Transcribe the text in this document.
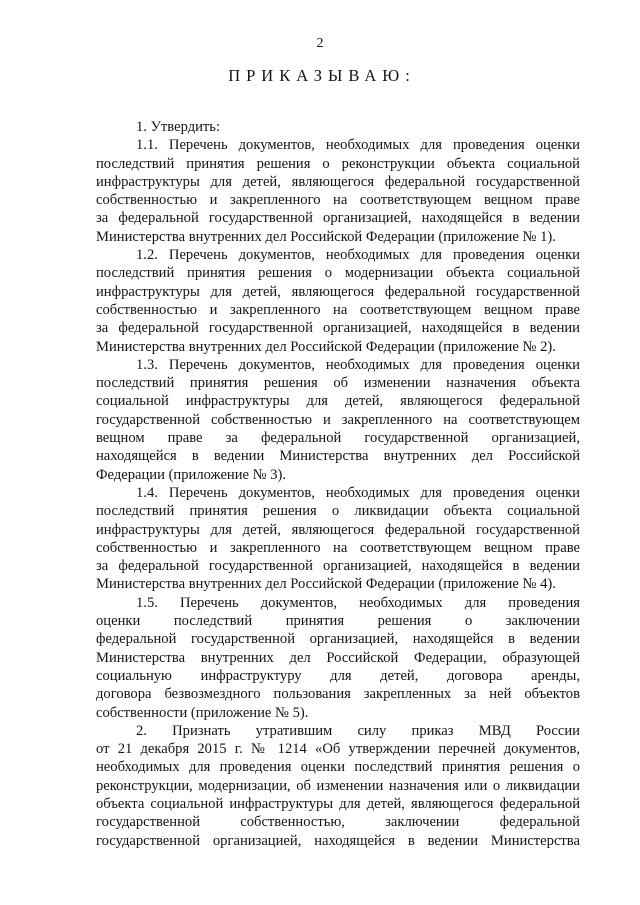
2
ПРИКАЗЫВАЮ:
1. Утвердить:
1.1. Перечень документов, необходимых для проведения оценки
последствий принятия решения о реконструкции объекта социальной
инфраструктуры для детей, являющегося федеральной государственной
собственностью и закрепленного на соответствующем вещном праве
за федеральной государственной организацией, находящейся в ведении
Министерства внутренних дел Российской Федерации (приложение № 1).
1.2. Перечень документов, необходимых для проведения оценки
последствий принятия решения о модернизации объекта социальной
инфраструктуры для детей, являющегося федеральной государственной
собственностью и закрепленного на соответствующем вещном праве
за федеральной государственной организацией, находящейся в ведении
Министерства внутренних дел Российской Федерации (приложение № 2).
1.3. Перечень документов, необходимых для проведения оценки
последствий принятия решения об изменении назначения объекта
социальной инфраструктуры для детей, являющегося федеральной
государственной собственностью и закрепленного на соответствующем
вещном праве за федеральной государственной организацией,
находящейся в ведении Министерства внутренних дел Российской
Федерации (приложение № 3).
1.4. Перечень документов, необходимых для проведения оценки
последствий принятия решения о ликвидации объекта социальной
инфраструктуры для детей, являющегося федеральной государственной
собственностью и закрепленного на соответствующем вещном праве
за федеральной государственной организацией, находящейся в ведении
Министерства внутренних дел Российской Федерации (приложение № 4).
1.5. Перечень документов, необходимых для проведения
оценки последствий принятия решения о заключении
федеральной государственной организацией, находящейся в ведении
Министерства внутренних дел Российской Федерации, образующей
социальную инфраструктуру для детей, договора аренды,
договора безвозмездного пользования закрепленных за ней объектов
собственности (приложение № 5).
2. Признать утратившим силу приказ МВД России
от 21 декабря 2015 г. № 1214 «Об утверждении перечней документов,
необходимых для проведения оценки последствий принятия решения о
реконструкции, модернизации, об изменении назначения или о ликвидации
объекта социальной инфраструктуры для детей, являющегося федеральной
государственной собственностью, заключении федеральной
государственной организацией, находящейся в ведении Министерства
